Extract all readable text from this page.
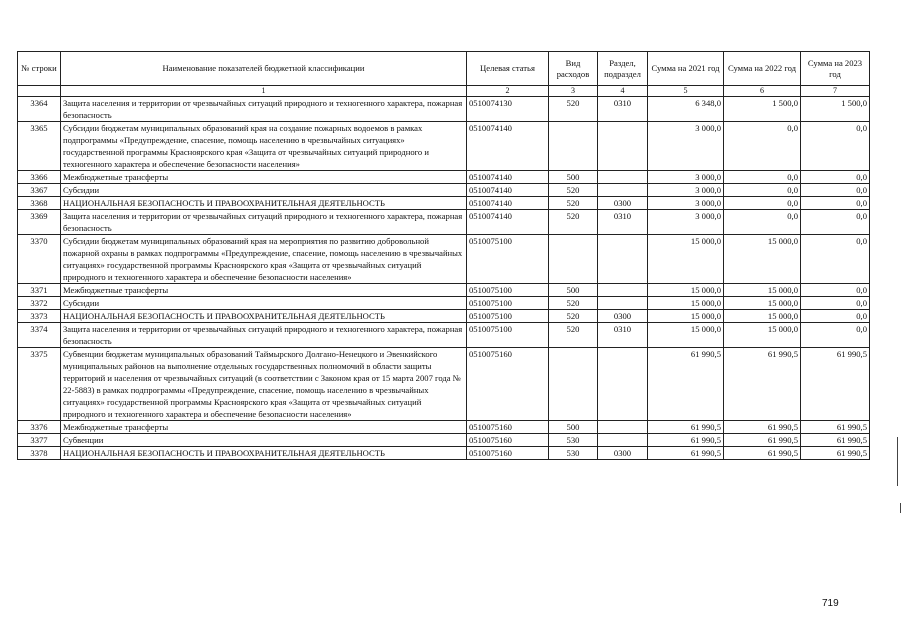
№ строки	Наименование показателей бюджетной классификации	Целевая статья	Вид расходов	Раздел, подраздел	Сумма на 2021 год	Сумма на 2022 год	Сумма на 2023 год
	1	2	3	4	5	6	7
3364	Защита населения и территории от чрезвычайных ситуаций природного и техногенного характера, пожарная безопасность	0510074130	520	0310	6 348,0	1 500,0	1 500,0
3365	Субсидии бюджетам муниципальных образований края на создание пожарных водоемов в рамках подпрограммы «Предупреждение, спасение, помощь населению в чрезвычайных ситуациях» государственной программы Красноярского края «Защита от чрезвычайных ситуаций природного и техногенного характера и обеспечение безопасности населения»	0510074140			3 000,0	0,0	0,0
3366	Межбюджетные трансферты	0510074140	500		3 000,0	0,0	0,0
3367	Субсидии	0510074140	520		3 000,0	0,0	0,0
3368	НАЦИОНАЛЬНАЯ БЕЗОПАСНОСТЬ И ПРАВООХРАНИТЕЛЬНАЯ ДЕЯТЕЛЬНОСТЬ	0510074140	520	0300	3 000,0	0,0	0,0
3369	Защита населения и территории от чрезвычайных ситуаций природного и техногенного характера, пожарная безопасность	0510074140	520	0310	3 000,0	0,0	0,0
3370	Субсидии бюджетам муниципальных образований края на мероприятия по развитию добровольной пожарной охраны в рамках подпрограммы «Предупреждение, спасение, помощь населению в чрезвычайных ситуациях» государственной программы Красноярского края «Защита от чрезвычайных ситуаций природного и техногенного характера и обеспечение безопасности населения»	0510075100			15 000,0	15 000,0	0,0
3371	Межбюджетные трансферты	0510075100	500		15 000,0	15 000,0	0,0
3372	Субсидии	0510075100	520		15 000,0	15 000,0	0,0
3373	НАЦИОНАЛЬНАЯ БЕЗОПАСНОСТЬ И ПРАВООХРАНИТЕЛЬНАЯ ДЕЯТЕЛЬНОСТЬ	0510075100	520	0300	15 000,0	15 000,0	0,0
3374	Защита населения и территории от чрезвычайных ситуаций природного и техногенного характера, пожарная безопасность	0510075100	520	0310	15 000,0	15 000,0	0,0
3375	Субвенции бюджетам муниципальных образований Таймырского Долгано-Ненецкого и Эвенкийского муниципальных районов на выполнение отдельных государственных полномочий в области защиты территорий и населения от чрезвычайных ситуаций (в соответствии с Законом края от 15 марта 2007 года № 22-5883) в рамках подпрограммы «Предупреждение, спасение, помощь населению в чрезвычайных ситуациях» государственной программы Красноярского края «Защита от чрезвычайных ситуаций природного и техногенного характера и обеспечение безопасности населения»	0510075160			61 990,5	61 990,5	61 990,5
3376	Межбюджетные трансферты	0510075160	500		61 990,5	61 990,5	61 990,5
3377	Субвенции	0510075160	530		61 990,5	61 990,5	61 990,5
3378	НАЦИОНАЛЬНАЯ БЕЗОПАСНОСТЬ И ПРАВООХРАНИТЕЛЬНАЯ ДЕЯТЕЛЬНОСТЬ	0510075160	530	0300	61 990,5	61 990,5	61 990,5
719
